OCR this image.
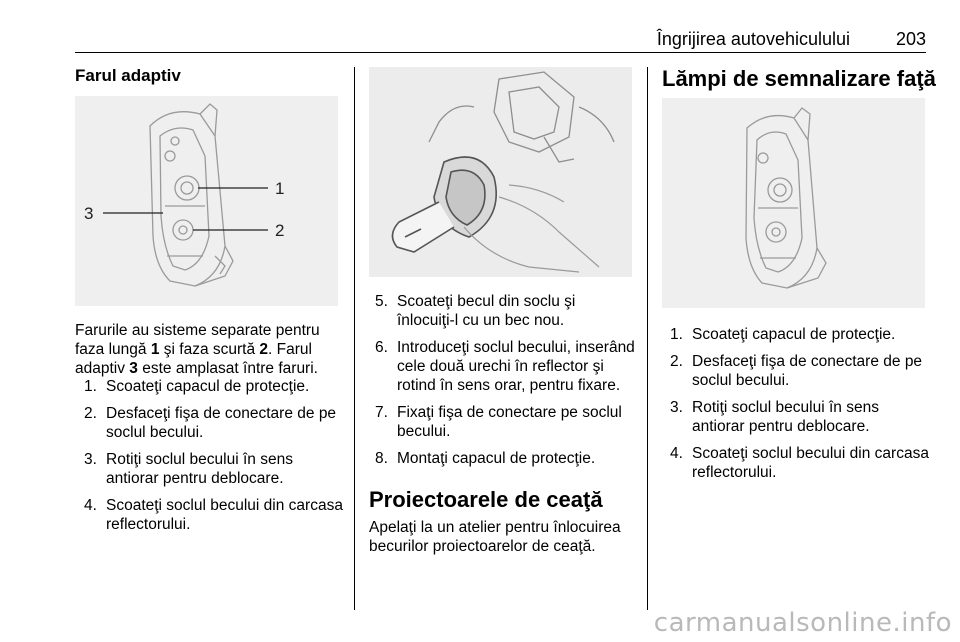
Îngrijirea autovehiculului	203
Farul adaptiv
1
2
3
Farurile au sisteme separate pentru faza lungă 1 şi faza scurtă 2. Farul adaptiv 3 este amplasat între faruri.
1. Scoateţi capacul de protecţie.
2. Desfaceţi fişa de conectare de pe soclul becului.
3. Rotiţi soclul becului în sens antiorar pentru deblocare.
4. Scoateţi soclul becului din carcasa reflectorului.
5. Scoateţi becul din soclu şi înlocuiţi-l cu un bec nou.
6. Introduceţi soclul becului, inserând cele două urechi în reflector şi rotind în sens orar, pentru fixare.
7. Fixaţi fişa de conectare pe soclul becului.
8. Montaţi capacul de protecţie.
Proiectoarele de ceaţă
Apelaţi la un atelier pentru înlocuirea becurilor proiectoarelor de ceaţă.
Lămpi de semnalizare faţă
1. Scoateţi capacul de protecţie.
2. Desfaceţi fişa de conectare de pe soclul becului.
3. Rotiţi soclul becului în sens antiorar pentru deblocare.
4. Scoateţi soclul becului din carcasa reflectorului.
carmanualsonline.info
